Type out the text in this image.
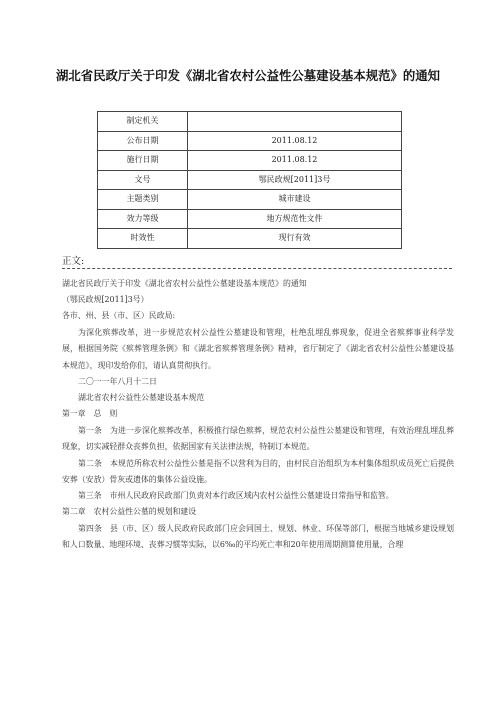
湖北省民政厅关于印发《湖北省农村公益性公墓建设基本规范》的通知
制定机关	
公布日期	2011.08.12
施行日期	2011.08.12
文号	鄂民政规[2011]3号
主题类别	城市建设
效力等级	地方规范性文件
时效性	现行有效
正文:
湖北省民政厅关于印发《湖北省农村公益性公墓建设基本规范》的通知
（鄂民政规[2011]3号）
各市、州、县（市、区）民政局:
为深化殡葬改革，进一步规范农村公益性公墓建设和管理，杜绝乱埋乱葬现象，促进全省殡葬事业科学发展，根据国务院《殡葬管理条例》和《湖北省殡葬管理条例》精神，省厅制定了《湖北省农村公益性公墓建设基本规范》，现印发给你们，请认真贯彻执行。
二〇一一年八月十二日
湖北省农村公益性公墓建设基本规范
第一章　总　则
第一条　为进一步深化殡葬改革，积极推行绿色殡葬，规范农村公益性公墓建设和管理，有效治理乱埋乱葬现象，切实减轻群众丧葬负担，依据国家有关法律法规，特制订本规范。
第二条　本规范所称农村公益性公墓是指不以营利为目的，由村民自治组织为本村集体组织成员死亡后提供安葬（安放）骨灰或遗体的集体公益设施。
第三条　市州人民政府民政部门负责对本行政区域内农村公益性公墓建设日常指导和监管。
第二章　农村公益性公墓的规划和建设
第四条　县（市、区）级人民政府民政部门应会同国土、规划、林业、环保等部门，根据当地城乡建设规划和人口数量、地理环境、丧葬习惯等实际，以6‰的平均死亡率和20年使用周期测算使用量，合理
